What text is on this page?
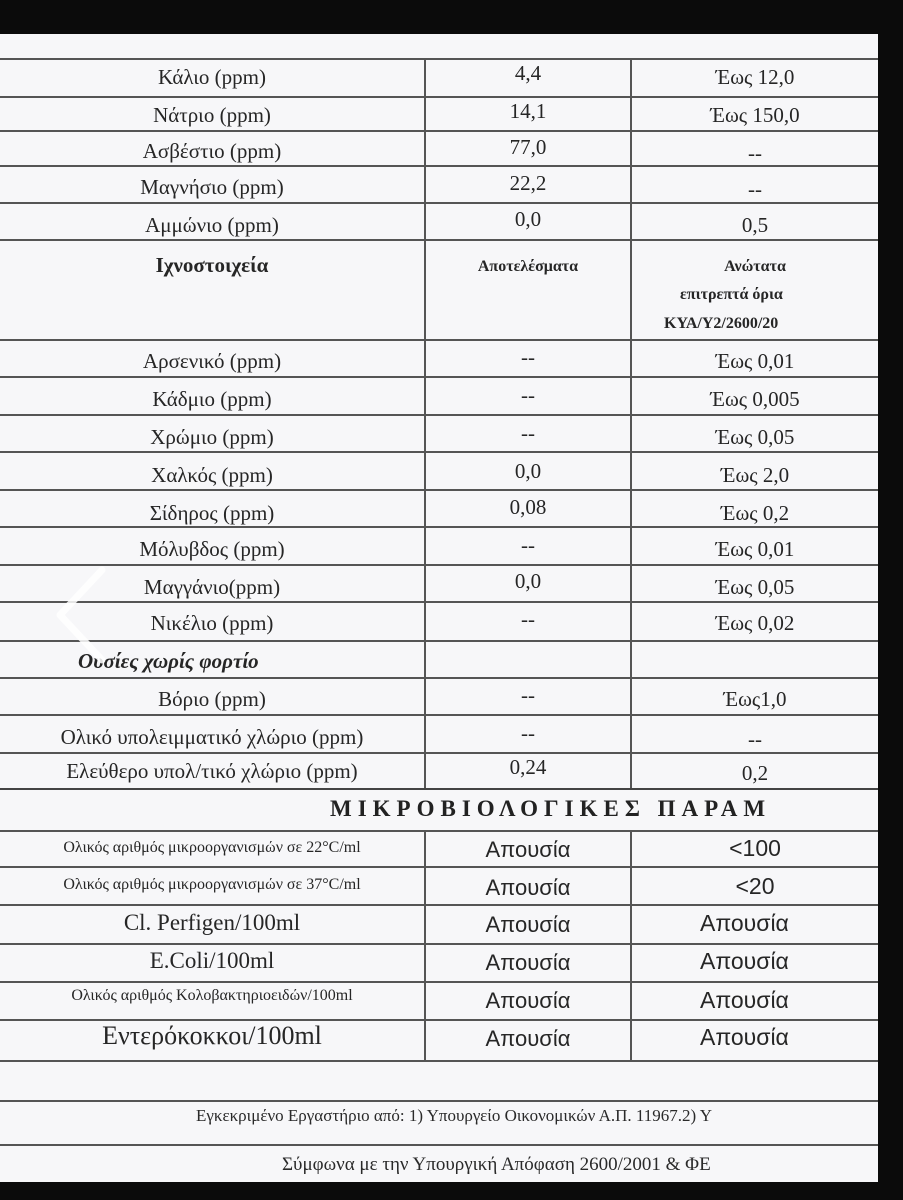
Κάλιο (ppm)	4,4	Έως 12,0
Νάτριο (ppm)	14,1	Έως 150,0
Ασβέστιο (ppm)	77,0	--
Μαγνήσιο (ppm)	22,2	--
Αμμώνιο (ppm)	0,0	0,5
Ιχνοστοιχεία	Αποτελέσματα	Ανώτατα
επιτρεπτά όρια
ΚΥΑ/Υ2/2600/20
Αρσενικό (ppm)	--	Έως 0,01
Κάδμιο (ppm)	--	Έως 0,005
Χρώμιο (ppm)	--	Έως 0,05
Χαλκός (ppm)	0,0	Έως 2,0
Σίδηρος (ppm)	0,08	Έως 0,2
Μόλυβδος (ppm)	--	Έως 0,01
Μαγγάνιο(ppm)	0,0	Έως 0,05
Νικέλιο (ppm)	--	Έως 0,02
Ουσίες χωρίς φορτίο
Βόριο (ppm)	--	Έως1,0
Ολικό υπολειμματικό χλώριο (ppm)	--	--
Ελεύθερο υπολ/τικό χλώριο (ppm)	0,24	0,2
ΜΙΚΡΟΒΙΟΛΟΓΙΚΕΣ ΠΑΡΑΜ
Ολικός αριθμός μικροοργανισμών σε 22°C/ml	Απουσία	<100
Ολικός αριθμός μικροοργανισμών σε 37°C/ml	Απουσία	<20
Cl. Perfigen/100ml	Απουσία	Απουσία
E.Coli/100ml	Απουσία	Απουσία
Ολικός αριθμός Κολοβακτηριοειδών/100ml	Απουσία	Απουσία
Εντερόκοκκοι/100ml	Απουσία	Απουσία
Εγκεκριμένο Εργαστήριο από: 1) Υπουργείο Οικονομικών Α.Π. 11967.2) Υ
Σύμφωνα με την Υπουργική Απόφαση 2600/2001 & ΦΕ
